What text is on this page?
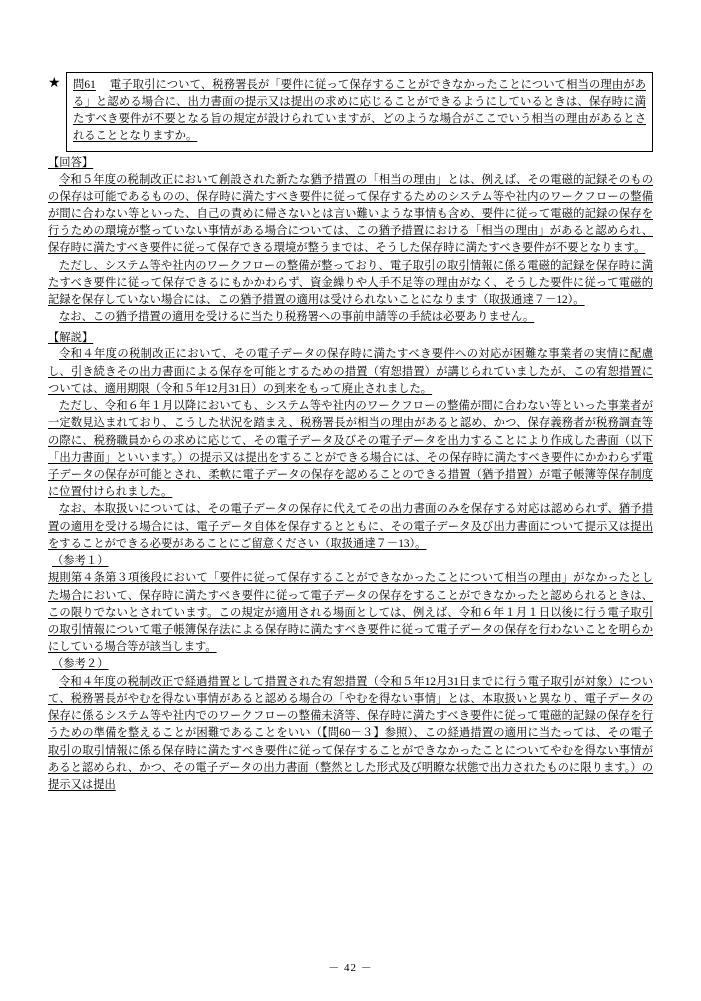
★	問61 電子取引について、税務署長が「要件に従って保存することができなかったことについて相当の理由がある」と認める場合に、出力書面の提示又は提出の求めに応じることができるようにしているときは、保存時に満たすべき要件が不要となる旨の規定が設けられていますが、どのような場合がここでいう相当の理由があるとされることとなりますか。
【回答】

令和５年度の税制改正において創設された新たな猶予措置の「相当の理由」とは、例えば、その電磁的記録そのものの保存は可能であるものの、保存時に満たすべき要件に従って保存するためのシステム等や社内のワークフローの整備が間に合わない等といった、自己の責めに帰さないとは言い難いような事情も含め、要件に従って電磁的記録の保存を行うための環境が整っていない事情がある場合については、この猶予措置における「相当の理由」があると認められ、保存時に満たすべき要件に従って保存できる環境が整うまでは、そうした保存時に満たすべき要件が不要となります。

ただし、システム等や社内のワークフローの整備が整っており、電子取引の取引情報に係る電磁的記録を保存時に満たすべき要件に従って保存できるにもかかわらず、資金繰りや人手不足等の理由がなく、そうした要件に従って電磁的記録を保存していない場合には、この猶予措置の適用は受けられないことになります（取扱通達７－12）。

なお、この猶予措置の適用を受けるに当たり税務署への事前申請等の手続は必要ありません。

【解説】

令和４年度の税制改正において、その電子データの保存時に満たすべき要件への対応が困難な事業者の実情に配慮し、引き続きその出力書面による保存を可能とするための措置（宥恕措置）が講じられていましたが、この宥恕措置については、適用期限（令和５年12月31日）の到来をもって廃止されました。

ただし、令和６年１月以降においても、システム等や社内のワークフローの整備が間に合わない等といった事業者が一定数見込まれており、こうした状況を踏まえ、税務署長が相当の理由があると認め、かつ、保存義務者が税務調査等の際に、税務職員からの求めに応じて、その電子データ及びその電子データを出力することにより作成した書面（以下「出力書面」といいます。）の提示又は提出をすることができる場合には、その保存時に満たすべき要件にかかわらず電子データの保存が可能とされ、柔軟に電子データの保存を認めることのできる措置（猶予措置）が電子帳簿等保存制度に位置付けられました。

なお、本取扱いについては、その電子データの保存に代えてその出力書面のみを保存する対応は認められず、猶予措置の適用を受ける場合には、電子データ自体を保存するとともに、その電子データ及び出力書面について提示又は提出をすることができる必要があることにご留意ください（取扱通達７－13）。

（参考１）

規則第４条第３項後段において「要件に従って保存することができなかったことについて相当の理由」がなかったとした場合において、保存時に満たすべき要件に従って電子データの保存をすることができなかったと認められるときは、この限りでないとされています。この規定が適用される場面としては、例えば、令和６年１月１日以後に行う電子取引の取引情報について電子帳簿保存法による保存時に満たすべき要件に従って電子データの保存を行わないことを明らかにしている場合等が該当します。

（参考２）

令和４年度の税制改正で経過措置として措置された宥恕措置（令和５年12月31日までに行う電子取引が対象）について、税務署長がやむを得ない事情があると認める場合の「やむを得ない事情」とは、本取扱いと異なり、電子データの保存に係るシステム等や社内でのワークフローの整備未済等、保存時に満たすべき要件に従って電磁的記録の保存を行うための準備を整えることが困難であることをいい（【問60－３】参照）、この経過措置の適用に当たっては、その電子取引の取引情報に係る保存時に満たすべき要件に従って保存することができなかったことについてやむを得ない事情があると認められ、かつ、その電子データの出力書面（整然とした形式及び明瞭な状態で出力されたものに限ります。）の提示又は提出

－ 42 －
